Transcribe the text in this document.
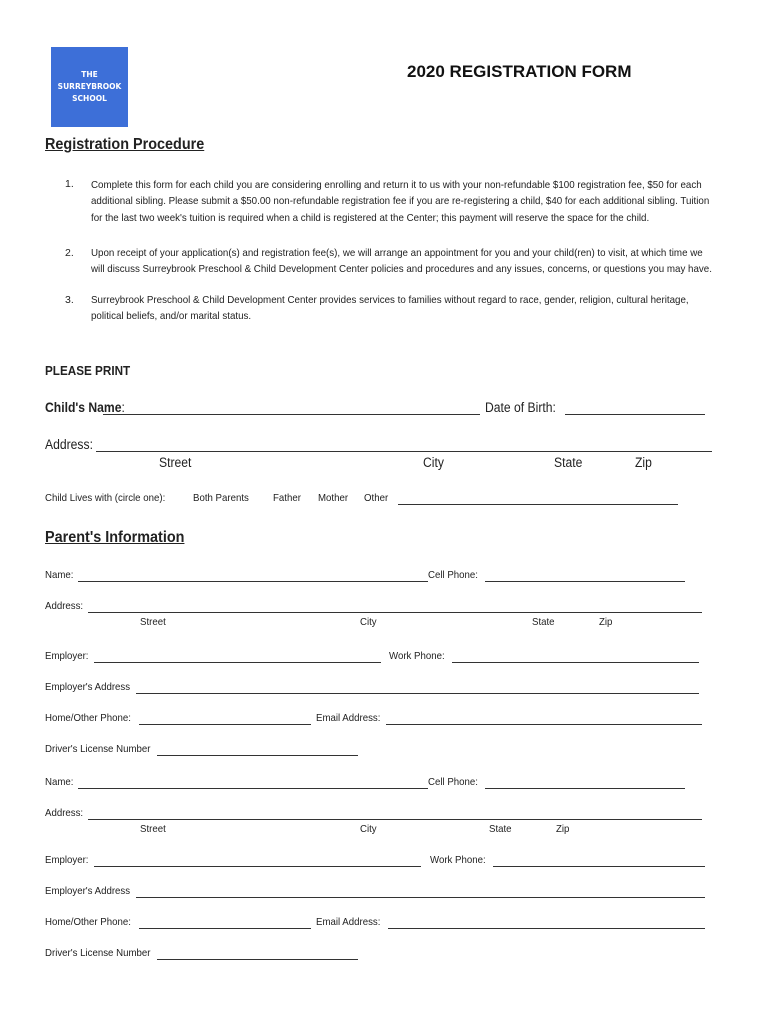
THE
SURREYBROOK
SCHOOL
2020 REGISTRATION FORM
Registration Procedure
1. Complete this form for each child you are considering enrolling and return it to us with your non-refundable $100 registration fee, $50 for each additional sibling. Please submit a $50.00 non-refundable registration fee if you are re-registering a child, $40 for each additional sibling. Tuition for the last two week's tuition is required when a child is registered at the Center; this payment will reserve the space for the child.
2. Upon receipt of your application(s) and registration fee(s), we will arrange an appointment for you and your child(ren) to visit, at which time we will discuss Surreybrook Preschool & Child Development Center policies and procedures and any issues, concerns, or questions you may have.
3. Surreybrook Preschool & Child Development Center provides services to families without regard to race, gender, religion, cultural heritage, political beliefs, and/or marital status.
PLEASE PRINT
Child's Name:	Date of Birth:
Address:
Street	City	State	Zip
Child Lives with (circle one):	Both Parents Father Mother Other
Parent's Information
Name:	Cell Phone:
Address:
Street	City	State	Zip
Employer:	Work Phone:
Employer's Address
Home/Other Phone:	Email Address:
Driver's License Number
Name:	Cell Phone:
Address:
Street	City	State	Zip
Employer:	Work Phone:
Employer's Address
Home/Other Phone:	Email Address:
Driver's License Number
